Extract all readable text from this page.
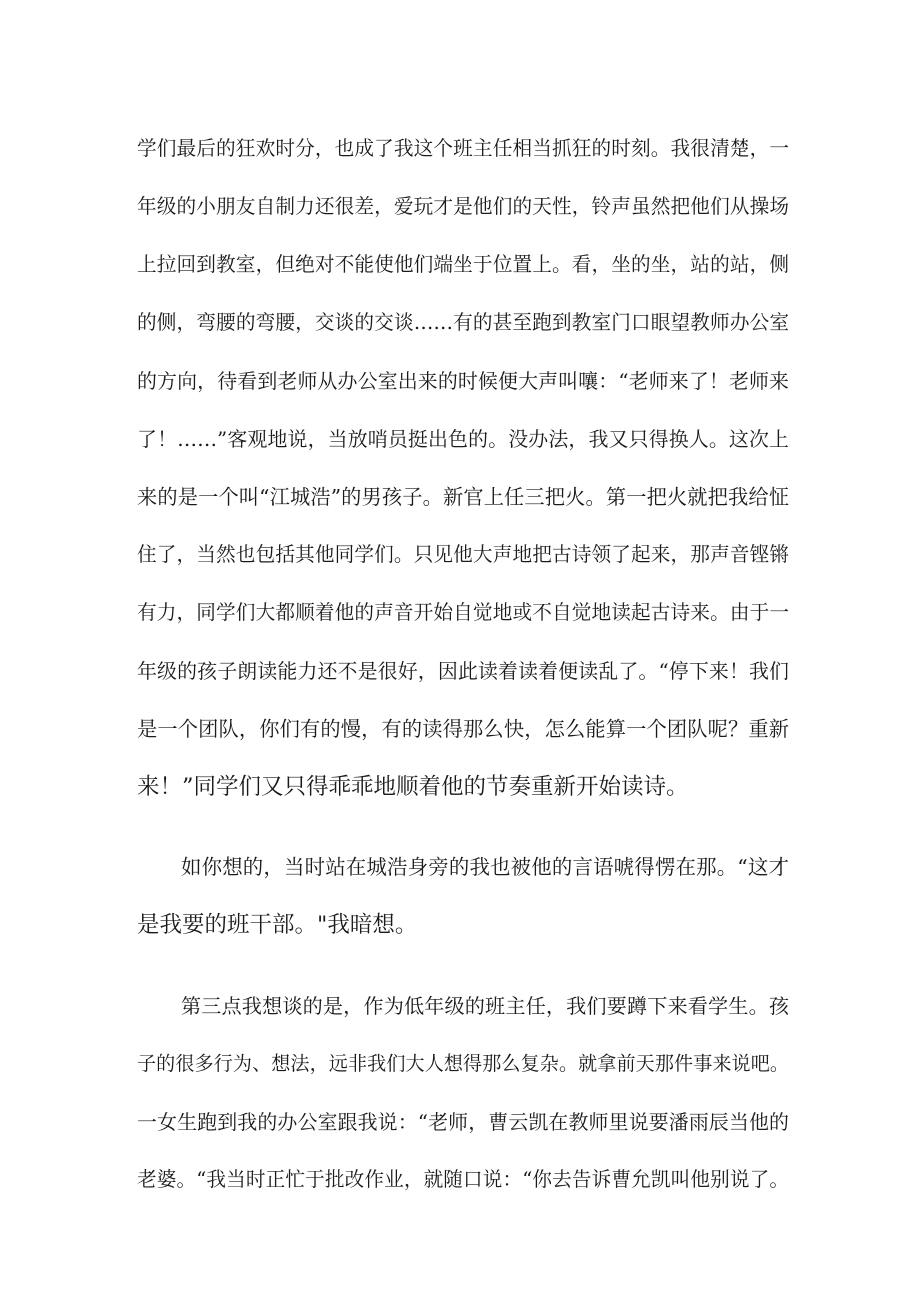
学们最后的狂欢时分，也成了我这个班主任相当抓狂的时刻。我很清楚，一
年级的小朋友自制力还很差，爱玩才是他们的天性，铃声虽然把他们从操场
上拉回到教室，但绝对不能使他们端坐于位置上。看，坐的坐，站的站，侧
的侧，弯腰的弯腰，交谈的交谈……有的甚至跑到教室门口眼望教师办公室
的方向，待看到老师从办公室出来的时候便大声叫嚷：“老师来了！老师来
了！……”客观地说，当放哨员挺出色的。没办法，我又只得换人。这次上
来的是一个叫“江城浩”的男孩子。新官上任三把火。第一把火就把我给怔
住了，当然也包括其他同学们。只见他大声地把古诗领了起来，那声音铿锵
有力，同学们大都顺着他的声音开始自觉地或不自觉地读起古诗来。由于一
年级的孩子朗读能力还不是很好，因此读着读着便读乱了。“停下来！我们
是一个团队，你们有的慢，有的读得那么快，怎么能算一个团队呢？重新
来！”同学们又只得乖乖地顺着他的节奏重新开始读诗。
如你想的，当时站在城浩身旁的我也被他的言语唬得愣在那。“这才
是我要的班干部。"我暗想。
第三点我想谈的是，作为低年级的班主任，我们要蹲下来看学生。孩
子的很多行为、想法，远非我们大人想得那么复杂。就拿前天那件事来说吧。
一女生跑到我的办公室跟我说：“老师，曹云凯在教师里说要潘雨辰当他的
老婆。“我当时正忙于批改作业，就随口说：“你去告诉曹允凯叫他别说了。
